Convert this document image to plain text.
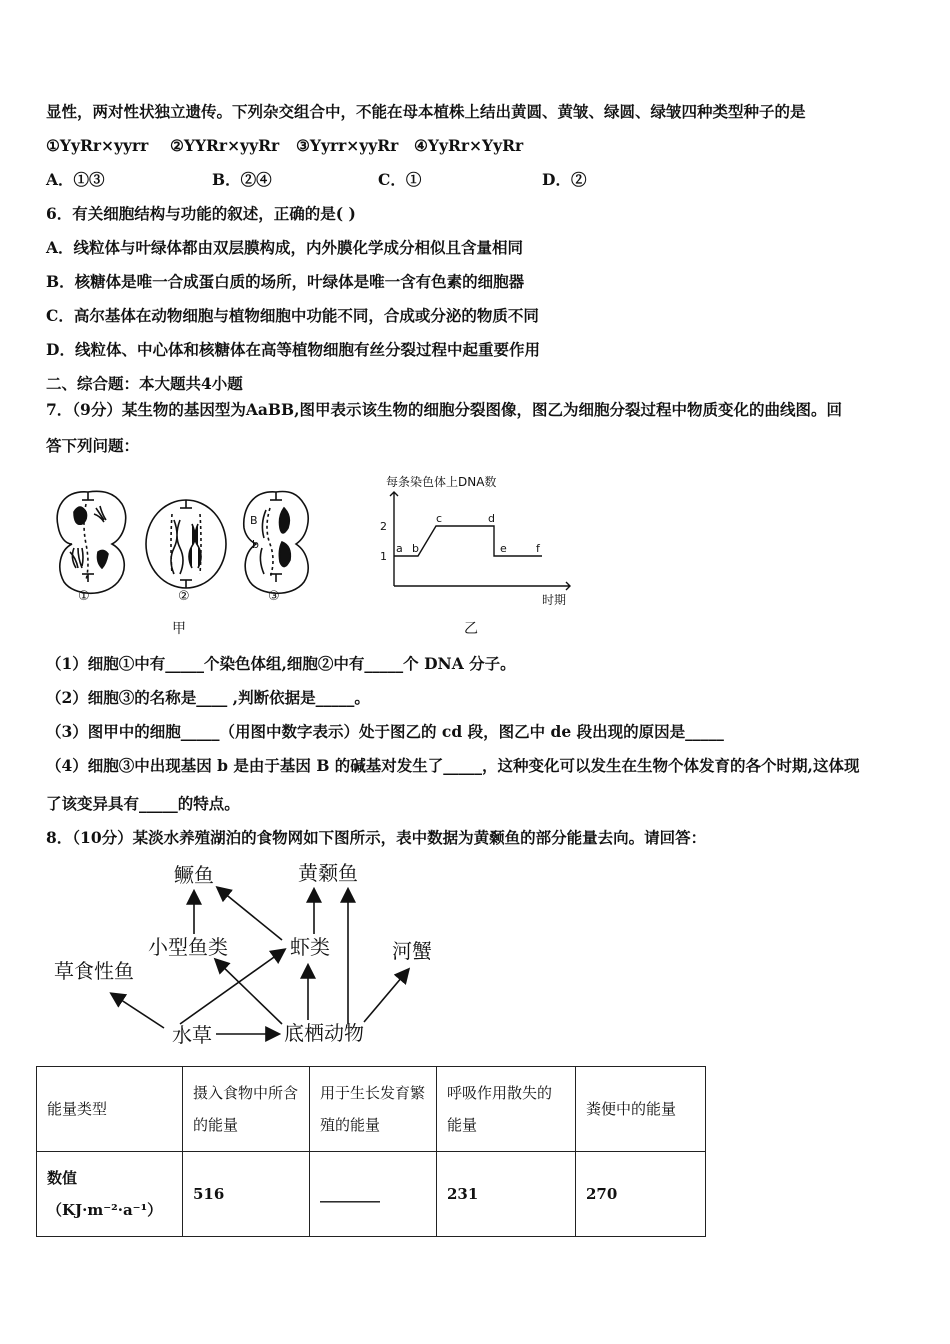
显性，两对性状独立遗传。下列杂交组合中，不能在母本植株上结出黄圆、黄皱、绿圆、绿皱四种类型种子的是
①YyRr×yyrr ②YYRr×yyRr ③Yyrr×yyRr ④YyRr×YyRr
A．①③	B．②④	C．①	D．②
6．有关细胞结构与功能的叙述，正确的是( )
A．线粒体与叶绿体都由双层膜构成，内外膜化学成分相似且含量相同
B．核糖体是唯一合成蛋白质的场所，叶绿体是唯一含有色素的细胞器
C．高尔基体在动物细胞与植物细胞中功能不同，合成或分泌的物质不同
D．线粒体、中心体和核糖体在高等植物细胞有丝分裂过程中起重要作用
二、综合题：本大题共4小题
7．（9分）某生物的基因型为AaBB,图甲表示该生物的细胞分裂图像，图乙为细胞分裂过程中物质变化的曲线图。回
答下列问题：
B
b
①	②	③
甲
每条染色体上DNA数
2
1
a b
c	d
e	f
时期
乙
（1）细胞①中有_____个染色体组,细胞②中有_____个 DNA 分子。
（2）细胞③的名称是____ ,判断依据是_____。
（3）图甲中的细胞_____（用图中数字表示）处于图乙的 cd 段，图乙中 de 段出现的原因是_____
（4）细胞③中出现基因 b 是由于基因 B 的碱基对发生了_____，这种变化可以发生在生物个体发育的各个时期,这体现
了该变异具有_____的特点。
8．（10分）某淡水养殖湖泊的食物网如下图所示，表中数据为黄颡鱼的部分能量去向。请回答：
鳜鱼	黄颡鱼
小型鱼类	虾类	河蟹
草食性鱼
水草	底栖动物
能量类型	摄入食物中所含的能量	用于生长发育繁殖的能量	呼吸作用散失的能量	粪便中的能量
数值（KJ·m⁻²·a⁻¹）	516	________	231	270
